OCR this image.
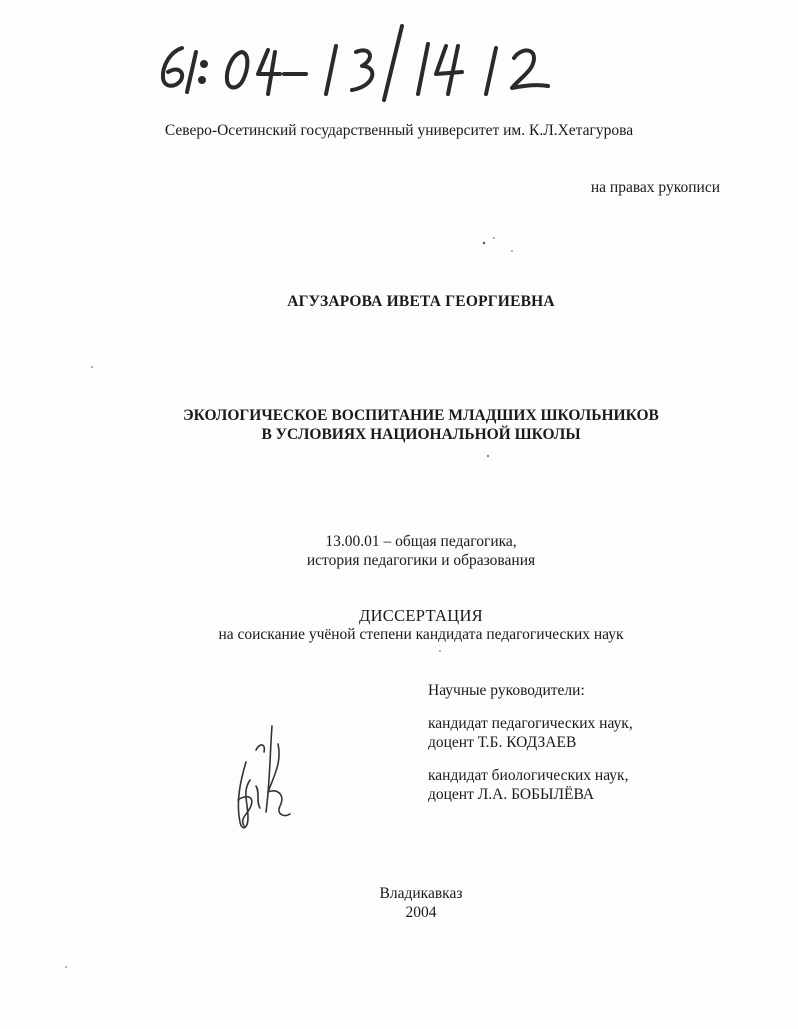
Северо-Осетинский государственный университет им. К.Л.Хетагурова
на правах рукописи
АГУЗАРОВА ИВЕТА ГЕОРГИЕВНА
ЭКОЛОГИЧЕСКОЕ ВОСПИТАНИЕ МЛАДШИХ ШКОЛЬНИКОВ
В УСЛОВИЯХ НАЦИОНАЛЬНОЙ ШКОЛЫ
13.00.01 – общая педагогика,
история педагогики и образования
ДИССЕРТАЦИЯ
на соискание учёной степени кандидата педагогических наук
Научные руководители:
кандидат педагогических наук,
доцент Т.Б. КОДЗАЕВ
кандидат биологических наук,
доцент Л.А. БОБЫЛЁВА
Владикавказ
2004
